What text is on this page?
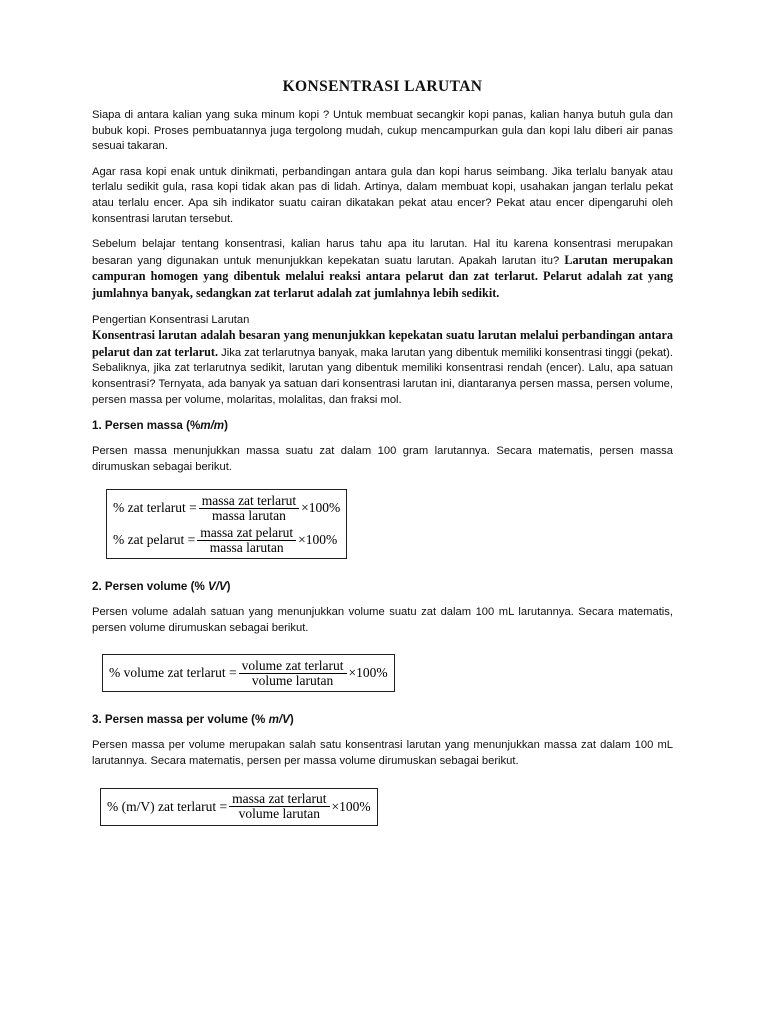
KONSENTRASI LARUTAN

Siapa di antara kalian yang suka minum kopi ? Untuk membuat secangkir kopi panas, kalian hanya butuh gula dan bubuk kopi. Proses pembuatannya juga tergolong mudah, cukup mencampurkan gula dan kopi lalu diberi air panas sesuai takaran.

Agar rasa kopi enak untuk dinikmati, perbandingan antara gula dan kopi harus seimbang. Jika terlalu banyak atau terlalu sedikit gula, rasa kopi tidak akan pas di lidah. Artinya, dalam membuat kopi, usahakan jangan terlalu pekat atau terlalu encer. Apa sih indikator suatu cairan dikatakan pekat atau encer? Pekat atau encer dipengaruhi oleh konsentrasi larutan tersebut.

Sebelum belajar tentang konsentrasi, kalian harus tahu apa itu larutan. Hal itu karena konsentrasi merupakan besaran yang digunakan untuk menunjukkan kepekatan suatu larutan. Apakah larutan itu? Larutan merupakan campuran homogen yang dibentuk melalui reaksi antara pelarut dan zat terlarut. Pelarut adalah zat yang jumlahnya banyak, sedangkan zat terlarut adalah zat jumlahnya lebih sedikit.

Pengertian Konsentrasi Larutan

Konsentrasi larutan adalah besaran yang menunjukkan kepekatan suatu larutan melalui perbandingan antara pelarut dan zat terlarut. Jika zat terlarutnya banyak, maka larutan yang dibentuk memiliki konsentrasi tinggi (pekat). Sebaliknya, jika zat terlarutnya sedikit, larutan yang dibentuk memiliki konsentrasi rendah (encer). Lalu, apa satuan konsentrasi? Ternyata, ada banyak ya satuan dari konsentrasi larutan ini, diantaranya persen massa, persen volume, persen massa per volume, molaritas, molalitas, dan fraksi mol.

1. Persen massa (%m/m)

Persen massa menunjukkan massa suatu zat dalam 100 gram larutannya. Secara matematis, persen massa dirumuskan sebagai berikut.

% zat terlarut = $\frac{\text{massa zat terlarut}}{\text{massa larutan}} \times 100\%$
% zat pelarut = $\frac{\text{massa zat pelarut}}{\text{massa larutan}} \times 100\%$
2. Persen volume (% V/V)

Persen volume adalah satuan yang menunjukkan volume suatu zat dalam 100 mL larutannya. Secara matematis, persen volume dirumuskan sebagai berikut.

% volume zat terlarut = $\frac{\text{volume zat terlarut}}{\text{volume larutan}} \times 100\%$
3. Persen massa per volume (% m/V)

Persen massa per volume merupakan salah satu konsentrasi larutan yang menunjukkan massa zat dalam 100 mL larutannya. Secara matematis, persen per massa volume dirumuskan sebagai berikut.

% (m/V) zat terlarut = $\frac{\text{massa zat terlarut}}{\text{volume larutan}} \times 100\%$
